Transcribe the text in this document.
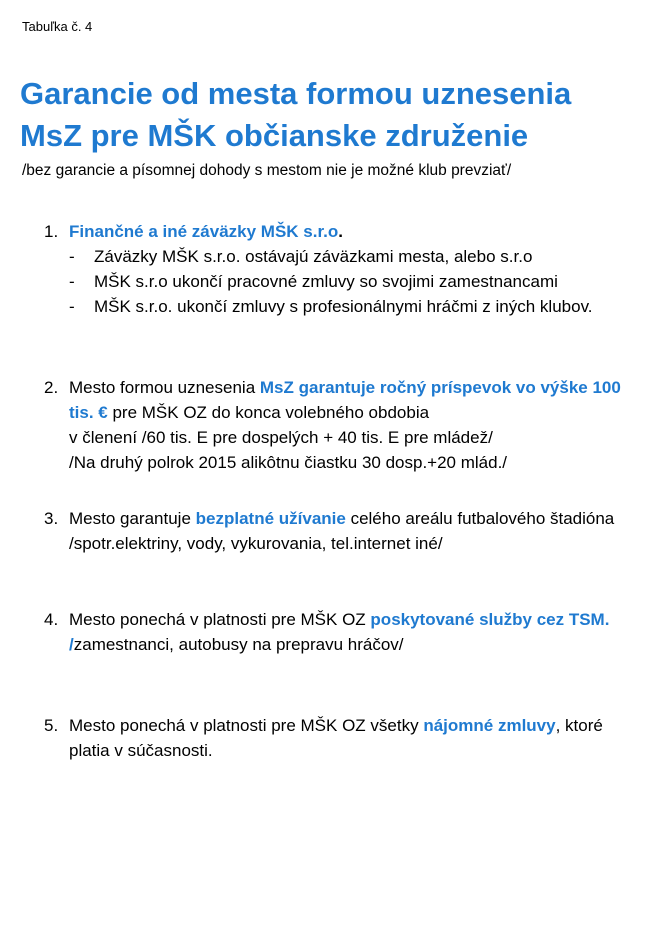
Tabuľka č. 4
Garancie od mesta formou uznesenia
MsZ pre MŠK občianske združenie
/bez garancie a písomnej dohody s mestom nie je možné klub prevziať/
1. Finančné a iné záväzky MŠK s.r.o.
- Záväzky MŠK s.r.o. ostávajú záväzkami mesta, alebo s.r.o
- MŠK s.r.o ukončí pracovné zmluvy so svojimi zamestnancami
- MŠK s.r.o. ukončí zmluvy s profesionálnymi hráčmi z iných klubov.
2. Mesto formou uznesenia MsZ garantuje ročný príspevok vo výške 100 tis. € pre MŠK OZ do konca volebného obdobia
v členení /60 tis. E pre dospelých + 40 tis. E pre mládež/
/Na druhý polrok 2015 alikôtnu čiastku 30 dosp.+20 mlád./
3. Mesto garantuje bezplatné užívanie celého areálu futbalového štadióna /spotr.elektriny, vody, vykurovania, tel.internet iné/
4. Mesto ponechá v platnosti pre MŠK OZ poskytované služby cez TSM. /zamestnanci, autobusy na prepravu hráčov/
5. Mesto ponechá v platnosti pre MŠK OZ všetky nájomné zmluvy, ktoré platia v súčasnosti.
